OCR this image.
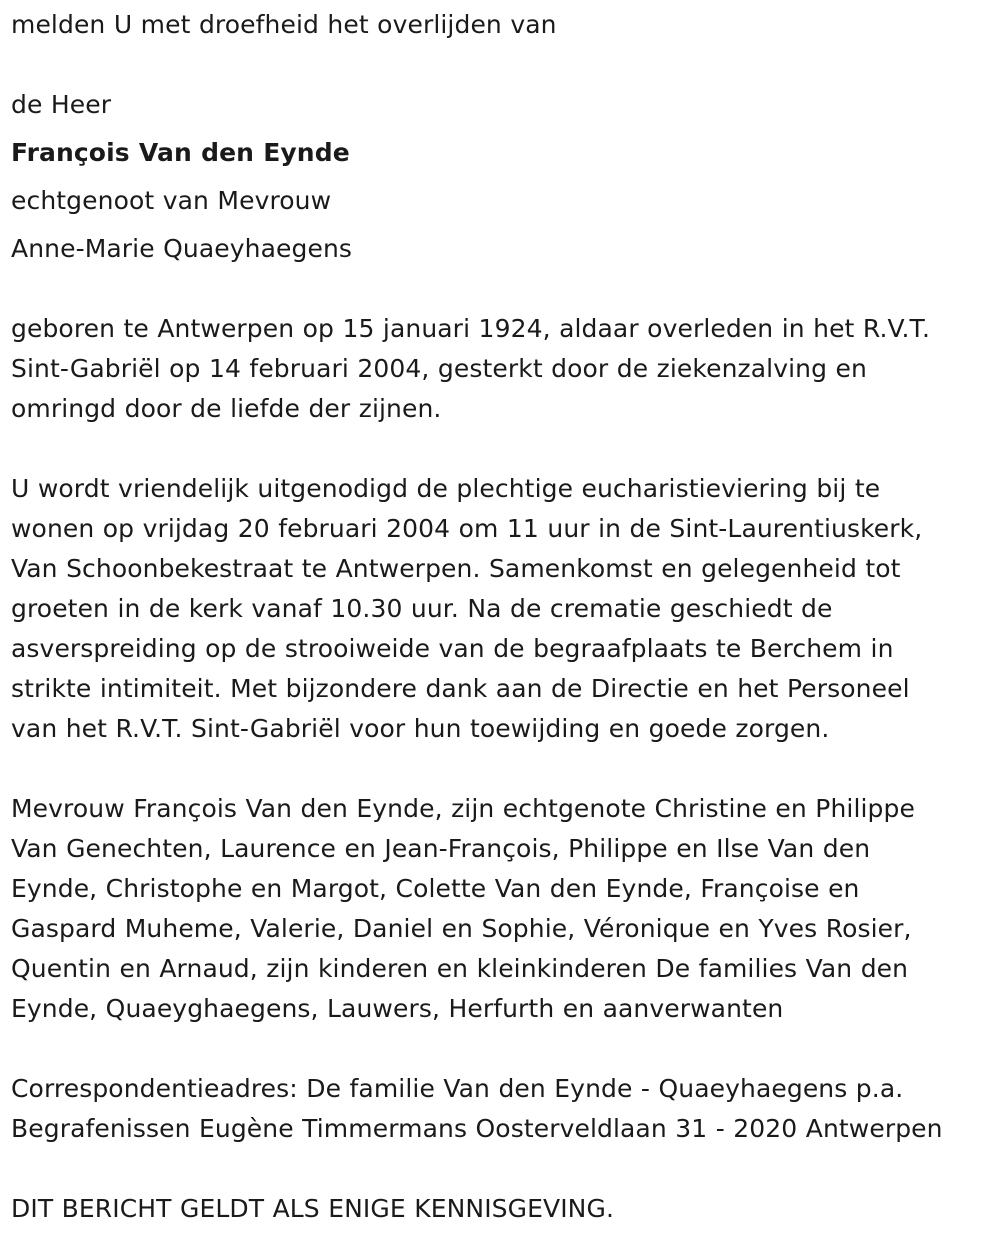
melden U met droefheid het overlijden van
de Heer
François Van den Eynde
echtgenoot van Mevrouw
Anne-Marie Quaeyhaegens
geboren te Antwerpen op 15 januari 1924, aldaar overleden in het R.V.T.
Sint-Gabriël op 14 februari 2004, gesterkt door de ziekenzalving en
omringd door de liefde der zijnen.
U wordt vriendelijk uitgenodigd de plechtige eucharistieviering bij te
wonen op vrijdag 20 februari 2004 om 11 uur in de Sint-Laurentiuskerk,
Van Schoonbekestraat te Antwerpen. Samenkomst en gelegenheid tot
groeten in de kerk vanaf 10.30 uur. Na de crematie geschiedt de
asverspreiding op de strooiweide van de begraafplaats te Berchem in
strikte intimiteit. Met bijzondere dank aan de Directie en het Personeel
van het R.V.T. Sint-Gabriël voor hun toewijding en goede zorgen.
Mevrouw François Van den Eynde, zijn echtgenote Christine en Philippe
Van Genechten, Laurence en Jean-François, Philippe en Ilse Van den
Eynde, Christophe en Margot, Colette Van den Eynde, Françoise en
Gaspard Muheme, Valerie, Daniel en Sophie, Véronique en Yves Rosier,
Quentin en Arnaud, zijn kinderen en kleinkinderen De families Van den
Eynde, Quaeyghaegens, Lauwers, Herfurth en aanverwanten
Correspondentieadres: De familie Van den Eynde - Quaeyhaegens p.a.
Begrafenissen Eugène Timmermans Oosterveldlaan 31 - 2020 Antwerpen
DIT BERICHT GELDT ALS ENIGE KENNISGEVING.
